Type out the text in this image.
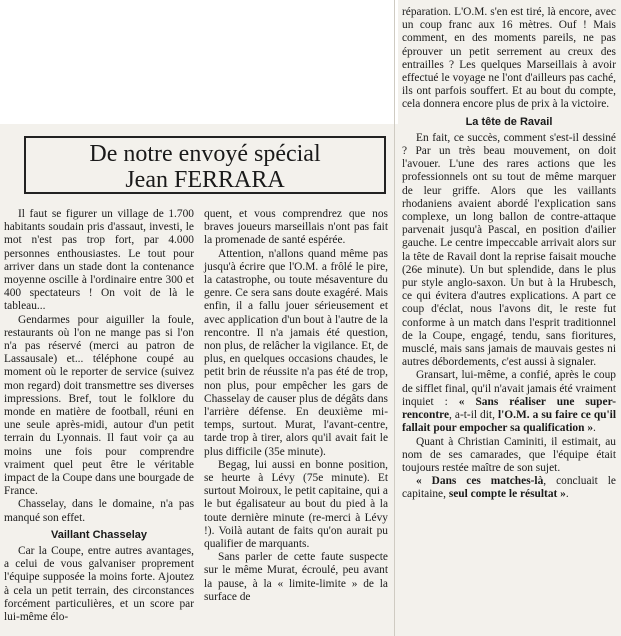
De notre envoyé spécial
Jean FERRARA

Il faut se figurer un village de 1.700 habitants soudain pris d'assaut, investi, le mot n'est pas trop fort, par 4.000 personnes enthousiastes. Le tout pour arriver dans un stade dont la contenance moyenne oscille à l'ordinaire entre 300 et 400 spectateurs ! On voit de là le tableau...

Gendarmes pour aiguiller la foule, restaurants où l'on ne mange pas si l'on n'a pas réservé (merci au patron de Lassausale) et... téléphone coupé au moment où le reporter de service (suivez mon regard) doit transmettre ses diverses impressions. Bref, tout le folklore du monde en matière de football, réuni en une seule après-midi, autour d'un petit terrain du Lyonnais. Il faut voir ça au moins une fois pour comprendre vraiment quel peut être le véritable impact de la Coupe dans une bourgade de France.

Chasselay, dans le domaine, n'a pas manqué son effet.

Vaillant Chasselay

Car la Coupe, entre autres avantages, a celui de vous galvaniser proprement l'équipe supposée la moins forte. Ajoutez à cela un petit terrain, des circonstances forcément particulières, et un score par lui-même élo-

quent, et vous comprendrez que nos braves joueurs marseillais n'ont pas fait la promenade de santé espérée.

Attention, n'allons quand même pas jusqu'à écrire que l'O.M. a frôlé le pire, la catastrophe, ou toute mésaventure du genre. Ce sera sans doute exagéré. Mais enfin, il a fallu jouer sérieusement et avec application d'un bout à l'autre de la rencontre. Il n'a jamais été question, non plus, de relâcher la vigilance. Et, de plus, en quelques occasions chaudes, le petit brin de réussite n'a pas été de trop, non plus, pour empêcher les gars de Chasselay de causer plus de dégâts dans l'arrière défense. En deuxième mi-temps, surtout. Murat, l'avant-centre, tarde trop à tirer, alors qu'il avait fait le plus difficile (35e minute).

Begag, lui aussi en bonne position, se heurte à Lévy (75e minute). Et surtout Moiroux, le petit capitaine, qui a le but égalisateur au bout du pied à la toute dernière minute (re-merci à Lévy !). Voilà autant de faits qu'on aurait pu qualifier de marquants.

Sans parler de cette faute suspecte sur le même Murat, écroulé, peu avant la pause, à la « limite-limite » de la surface de

réparation. L'O.M. s'en est tiré, là encore, avec un coup franc aux 16 mètres. Ouf ! Mais comment, en des moments pareils, ne pas éprouver un petit serrement au creux des entrailles ? Les quelques Marseillais à avoir effectué le voyage ne l'ont d'ailleurs pas caché, ils ont parfois souffert. Et au bout du compte, cela donnera encore plus de prix à la victoire.

La tête de Ravail

En fait, ce succès, comment s'est-il dessiné ? Par un très beau mouvement, on doit l'avouer. L'une des rares actions que les professionnels ont su tout de même marquer de leur griffe. Alors que les vaillants rhodaniens avaient abordé l'explication sans complexe, un long ballon de contre-attaque parvenait jusqu'à Pascal, en position d'ailier gauche. Le centre impeccable arrivait alors sur la tête de Ravail dont la reprise faisait mouche (26e minute). Un but splendide, dans le plus pur style anglo-saxon. Un but à la Hrubesch, ce qui évitera d'autres explications. A part ce coup d'éclat, nous l'avons dit, le reste fut conforme à un match dans l'esprit traditionnel de la Coupe, engagé, tendu, sans fioritures, musclé, mais sans jamais de mauvais gestes ni autres débordements, c'est aussi à signaler.

Gransart, lui-même, a confié, après le coup de sifflet final, qu'il n'avait jamais été vraiment inquiet : « Sans réaliser une super-rencontre, a-t-il dit, l'O.M. a su faire ce qu'il fallait pour empocher sa qualification ».

Quant à Christian Caminiti, il estimait, au nom de ses camarades, que l'équipe était toujours restée maître de son sujet.

« Dans ces matches-là, concluait le capitaine, seul compte le résultat ».
